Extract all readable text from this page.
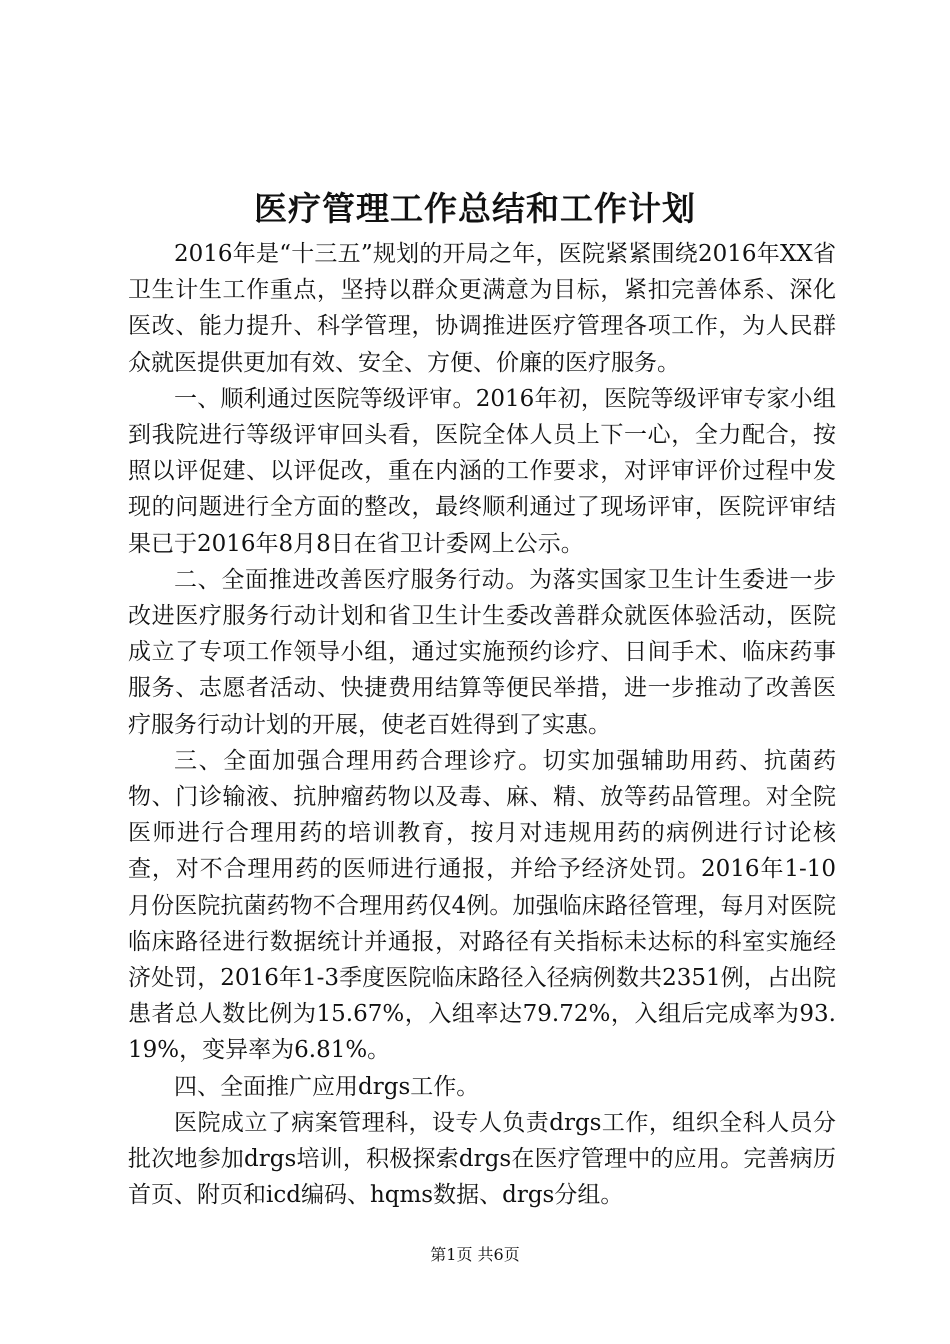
医疗管理工作总结和工作计划

2016年是“十三五”规划的开局之年，医院紧紧围绕2016年XX省卫生计生工作重点，坚持以群众更满意为目标，紧扣完善体系、深化医改、能力提升、科学管理，协调推进医疗管理各项工作，为人民群众就医提供更加有效、安全、方便、价廉的医疗服务。

一、顺利通过医院等级评审。2016年初，医院等级评审专家小组到我院进行等级评审回头看，医院全体人员上下一心，全力配合，按照以评促建、以评促改，重在内涵的工作要求，对评审评价过程中发现的问题进行全方面的整改，最终顺利通过了现场评审，医院评审结果已于2016年8月8日在省卫计委网上公示。

二、全面推进改善医疗服务行动。为落实国家卫生计生委进一步改进医疗服务行动计划和省卫生计生委改善群众就医体验活动，医院成立了专项工作领导小组，通过实施预约诊疗、日间手术、临床药事服务、志愿者活动、快捷费用结算等便民举措，进一步推动了改善医疗服务行动计划的开展，使老百姓得到了实惠。

三、全面加强合理用药合理诊疗。切实加强辅助用药、抗菌药物、门诊输液、抗肿瘤药物以及毒、麻、精、放等药品管理。对全院医师进行合理用药的培训教育，按月对违规用药的病例进行讨论核查，对不合理用药的医师进行通报，并给予经济处罚。2016年1-10月份医院抗菌药物不合理用药仅4例。加强临床路径管理，每月对医院临床路径进行数据统计并通报，对路径有关指标未达标的科室实施经济处罚，2016年1-3季度医院临床路径入径病例数共2351例，占出院患者总人数比例为15.67%，入组率达79.72%，入组后完成率为93.19%，变异率为6.81%。

四、全面推广应用drgs工作。

医院成立了病案管理科，设专人负责drgs工作，组织全科人员分批次地参加drgs培训，积极探索drgs在医疗管理中的应用。完善病历首页、附页和icd编码、hqms数据、drgs分组。

第1页 共6页
